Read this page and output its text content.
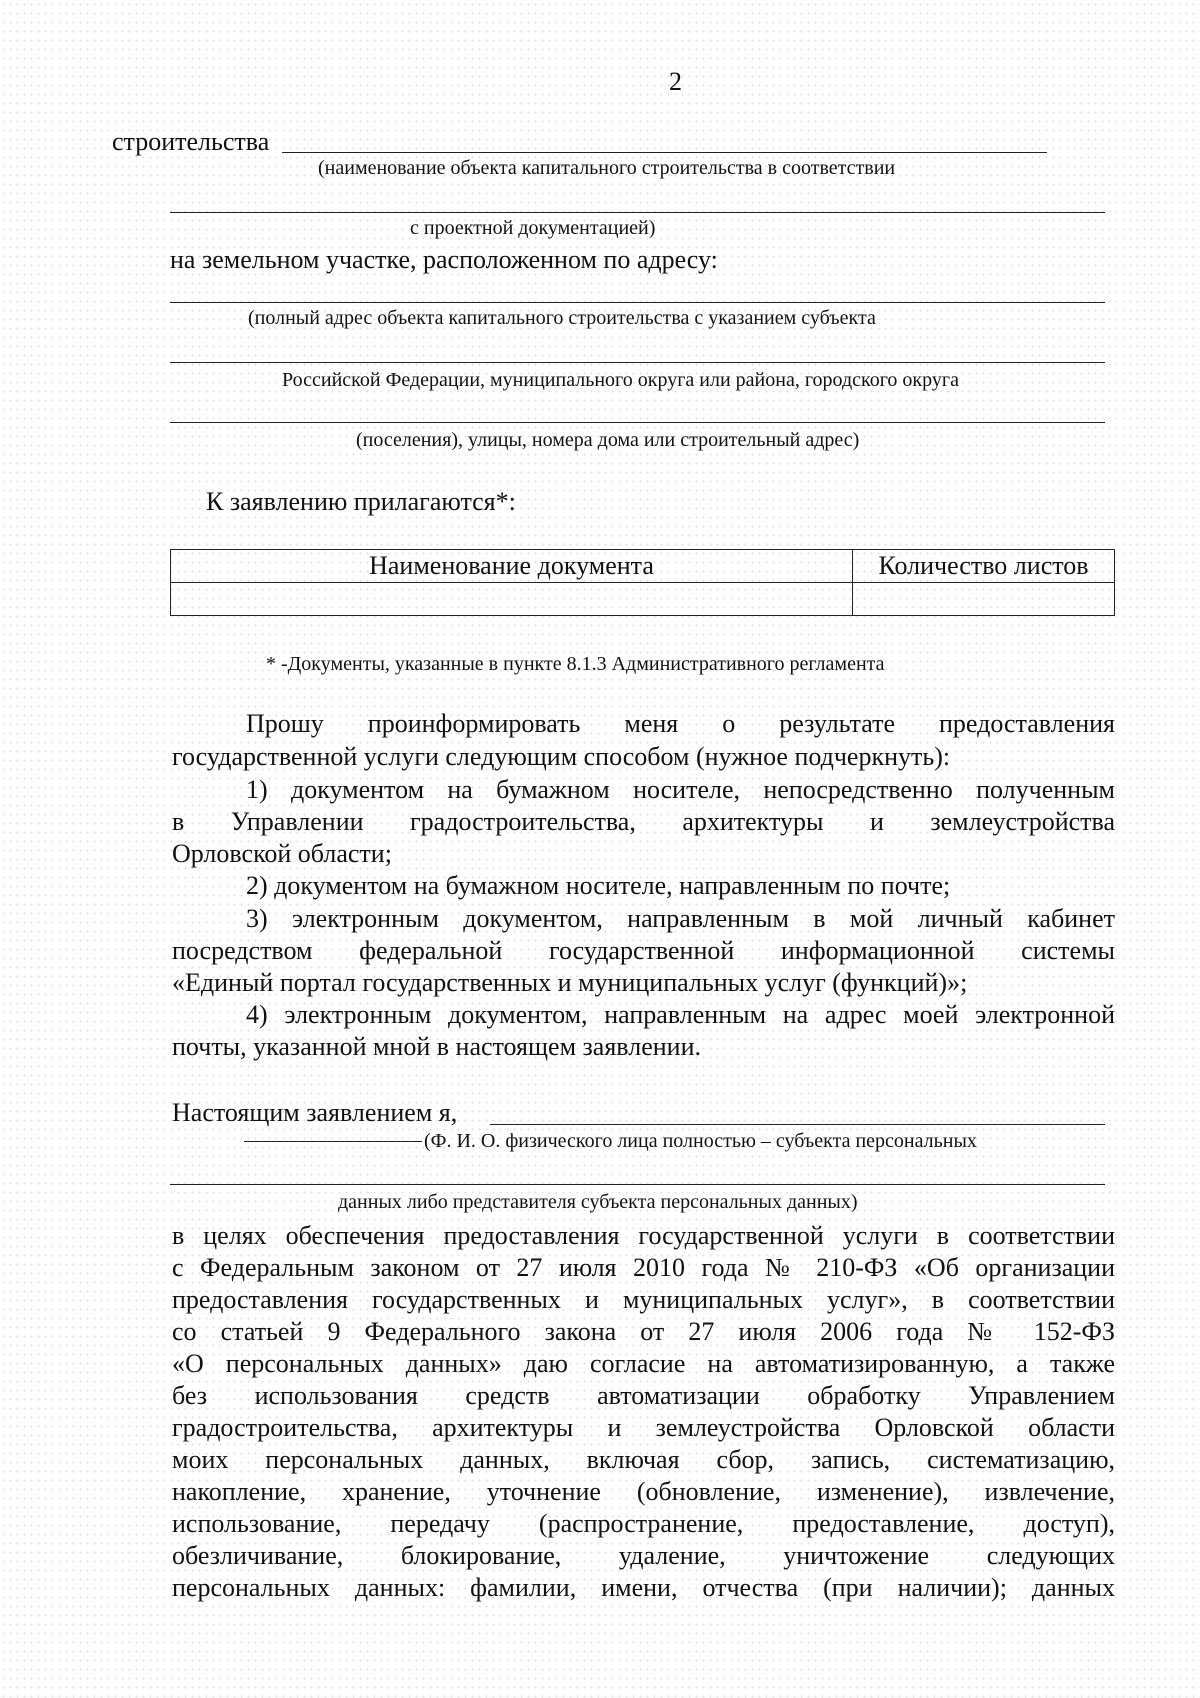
2
строительства
(наименование объекта капитального строительства в соответствии
с проектной документацией)
на земельном участке, расположенном по адресу:
(полный адрес объекта капитального строительства с указанием субъекта
Российской Федерации, муниципального округа или района, городского округа
(поселения), улицы, номера дома или строительный адрес)
К заявлению прилагаются*:
Наименование документа	Количество листов

* -Документы, указанные в пункте 8.1.3 Административного регламента
Прошу проинформировать меня о результате предоставления
государственной услуги следующим способом (нужное подчеркнуть):
1) документом на бумажном носителе, непосредственно полученным
в Управлении градостроительства, архитектуры и землеустройства
Орловской области;
2) документом на бумажном носителе, направленным по почте;
3) электронным документом, направленным в мой личный кабинет
посредством федеральной государственной информационной системы
«Единый портал государственных и муниципальных услуг (функций)»;
4) электронным документом, направленным на адрес моей электронной
почты, указанной мной в настоящем заявлении.
Настоящим заявлением я,
(Ф. И. О. физического лица полностью – субъекта персональных
данных либо представителя субъекта персональных данных)
в целях обеспечения предоставления государственной услуги в соответствии
с Федеральным законом от 27 июля 2010 года № 210-ФЗ «Об организации
предоставления государственных и муниципальных услуг», в соответствии
со статьей 9 Федерального закона от 27 июля 2006 года № 152-ФЗ
«О персональных данных» даю согласие на автоматизированную, а также
без использования средств автоматизации обработку Управлением
градостроительства, архитектуры и землеустройства Орловской области
моих персональных данных, включая сбор, запись, систематизацию,
накопление, хранение, уточнение (обновление, изменение), извлечение,
использование, передачу (распространение, предоставление, доступ),
обезличивание, блокирование, удаление, уничтожение следующих
персональных данных: фамилии, имени, отчества (при наличии); данных
